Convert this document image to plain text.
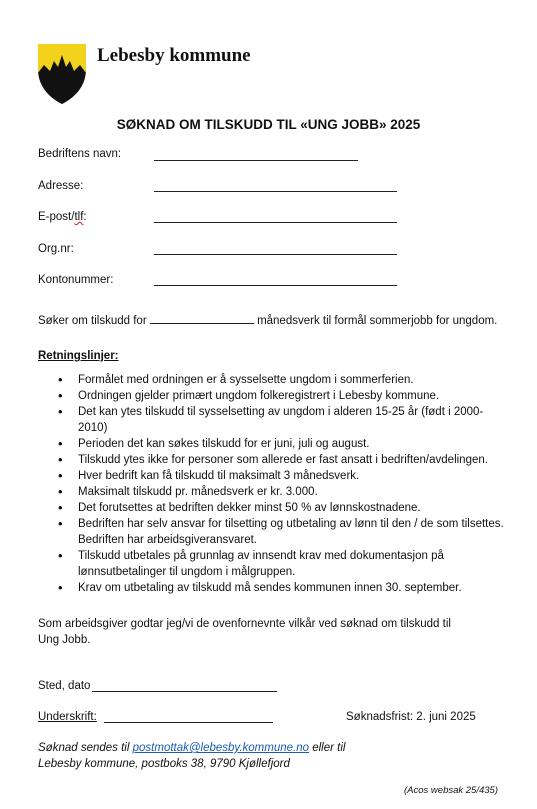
Lebesby kommune
SØKNAD OM TILSKUDD TIL «UNG JOBB» 2025
Bedriftens navn:
Adresse:
E-post/tlf:
Org.nr:
Kontonummer:
Søker om tilskudd for	månedsverk til formål sommerjobb for ungdom.
Retningslinjer:
• Formålet med ordningen er å sysselsette ungdom i sommerferien.
• Ordningen gjelder primært ungdom folkeregistrert i Lebesby kommune.
• Det kan ytes tilskudd til sysselsetting av ungdom i alderen 15-25 år (født i 2000-2010)
• Perioden det kan søkes tilskudd for er juni, juli og august.
• Tilskudd ytes ikke for personer som allerede er fast ansatt i bedriften/avdelingen.
• Hver bedrift kan få tilskudd til maksimalt 3 månedsverk.
• Maksimalt tilskudd pr. månedsverk er kr. 3.000.
• Det forutsettes at bedriften dekker minst 50 % av lønnskostnadene.
• Bedriften har selv ansvar for tilsetting og utbetaling av lønn til den / de som tilsettes. Bedriften har arbeidsgiveransvaret.
• Tilskudd utbetales på grunnlag av innsendt krav med dokumentasjon på lønnsutbetalinger til ungdom i målgruppen.
• Krav om utbetaling av tilskudd må sendes kommunen innen 30. september.
Som arbeidsgiver godtar jeg/vi de ovenfornevnte vilkår ved søknad om tilskudd til Ung Jobb.
Sted, dato
Underskrift:	Søknadsfrist: 2. juni 2025
Søknad sendes til postmottak@lebesby.kommune.no eller til
Lebesby kommune, postboks 38, 9790 Kjøllefjord
(Acos websak 25/435)
